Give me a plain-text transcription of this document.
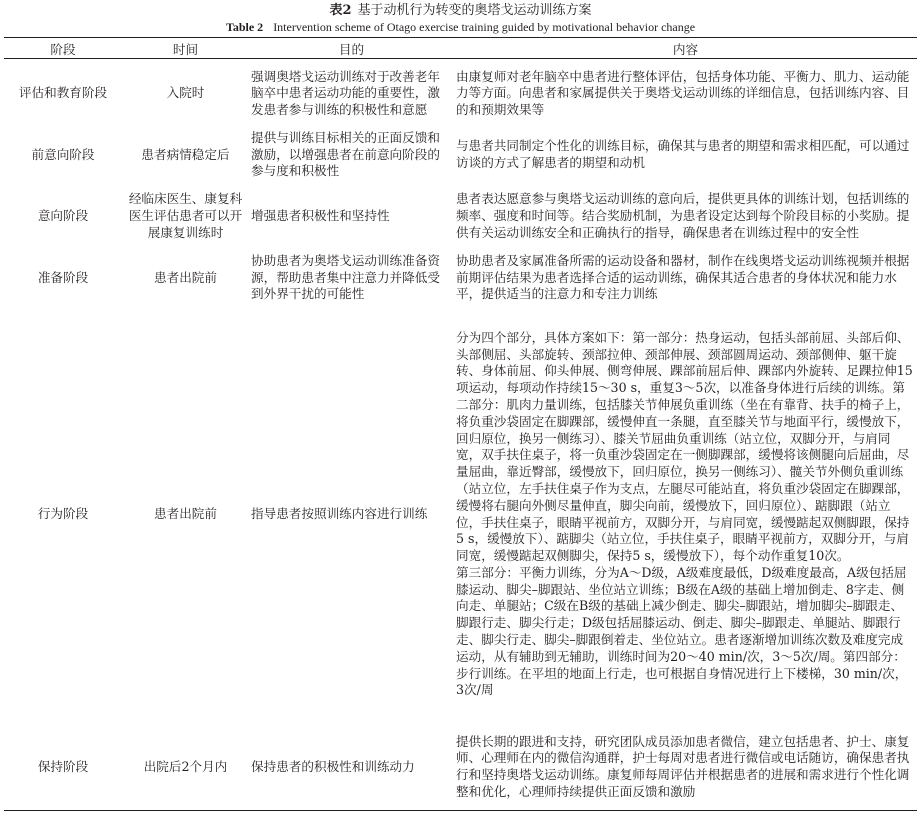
表2 基于动机行为转变的奥塔戈运动训练方案
Table 2 Intervention scheme of Otago exercise training guided by motivational behavior change
阶段	时间	目的	内容
评估和教育阶段	入院时	强调奥塔戈运动训练对于改善老年脑卒中患者运动功能的重要性，激发患者参与训练的积极性和意愿	由康复师对老年脑卒中患者进行整体评估，包括身体功能、平衡力、肌力、运动能力等方面。向患者和家属提供关于奥塔戈运动训练的详细信息，包括训练内容、目的和预期效果等

前意向阶段	患者病情稳定后	提供与训练目标相关的正面反馈和激励，以增强患者在前意向阶段的参与度和积极性	与患者共同制定个性化的训练目标，确保其与患者的期望和需求相匹配，可以通过访谈的方式了解患者的期望和动机

意向阶段	经临床医生、康复科医生评估患者可以开展康复训练时	增强患者积极性和坚持性	患者表达愿意参与奥塔戈运动训练的意向后，提供更具体的训练计划，包括训练的频率、强度和时间等。结合奖励机制，为患者设定达到每个阶段目标的小奖励。提供有关运动训练安全和正确执行的指导，确保患者在训练过程中的安全性

准备阶段	患者出院前	协助患者为奥塔戈运动训练准备资源，帮助患者集中注意力并降低受到外界干扰的可能性	协助患者及家属准备所需的运动设备和器材，制作在线奥塔戈运动训练视频并根据前期评估结果为患者选择合适的运动训练，确保其适合患者的身体状况和能力水平，提供适当的注意力和专注力训练

行为阶段	患者出院前	指导患者按照训练内容进行训练	分为四个部分，具体方案如下：第一部分：热身运动，包括头部前屈、头部后仰、头部侧屈、头部旋转、颈部拉伸、颈部伸展、颈部圆周运动、颈部侧伸、躯干旋转、身体前屈、仰头伸展、侧弯伸展、踝部前屈后伸、踝部内外旋转、足踝拉伸15项运动，每项动作持续15～30 s，重复3～5次，以准备身体进行后续的训练。第二部分：肌肉力量训练，包括膝关节伸展负重训练（坐在有靠背、扶手的椅子上，将负重沙袋固定在脚踝部，缓慢伸直一条腿，直至膝关节与地面平行，缓慢放下，回归原位，换另一侧练习）、膝关节屈曲负重训练（站立位，双脚分开，与肩同宽，双手扶住桌子，将一负重沙袋固定在一侧脚踝部，缓慢将该侧腿向后屈曲，尽量屈曲，靠近臀部，缓慢放下，回归原位，换另一侧练习）、髋关节外侧负重训练（站立位，左手扶住桌子作为支点，左腿尽可能站直，将负重沙袋固定在脚踝部，缓慢将右腿向外侧尽量伸直，脚尖向前，缓慢放下，回归原位）、踮脚跟（站立位，手扶住桌子，眼睛平视前方，双脚分开，与肩同宽，缓慢踮起双侧脚跟，保持5 s，缓慢放下）、踮脚尖（站立位，手扶住桌子，眼睛平视前方，双脚分开，与肩同宽，缓慢踮起双侧脚尖，保持5 s，缓慢放下），每个动作重复10次。

第三部分：平衡力训练，分为A～D级，A级难度最低，D级难度最高，A级包括屈膝运动、脚尖–脚跟站、坐位站立训练；B级在A级的基础上增加倒走、8字走、侧向走、单腿站；C级在B级的基础上减少倒走、脚尖–脚跟站，增加脚尖–脚跟走、脚跟行走、脚尖行走；D级包括屈膝运动、倒走、脚尖–脚跟走、单腿站、脚跟行走、脚尖行走、脚尖–脚跟倒着走、坐位站立。患者逐渐增加训练次数及难度完成运动，从有辅助到无辅助，训练时间为20～40 min/次，3～5次/周。第四部分：步行训练。在平坦的地面上行走，也可根据自身情况进行上下楼梯，30 min/次，3次/周

保持阶段	出院后2个月内	保持患者的积极性和训练动力	提供长期的跟进和支持，研究团队成员添加患者微信，建立包括患者、护士、康复师、心理师在内的微信沟通群，护士每周对患者进行微信或电话随访，确保患者执行和坚持奥塔戈运动训练。康复师每周评估并根据患者的进展和需求进行个性化调整和优化，心理师持续提供正面反馈和激励
